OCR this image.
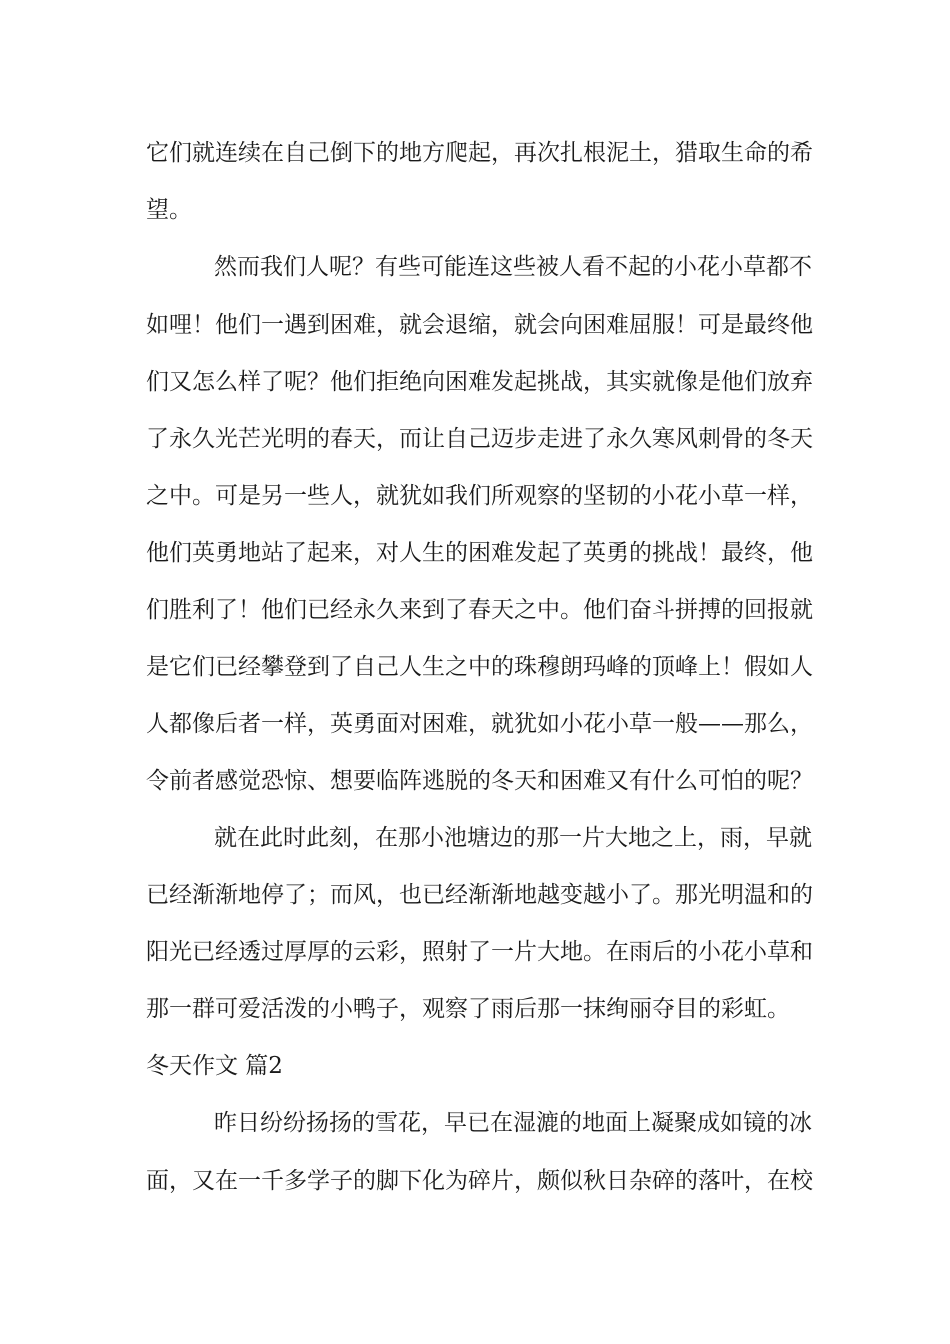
它们就连续在自己倒下的地方爬起，再次扎根泥土，猎取生命的希
望。
然而我们人呢？有些可能连这些被人看不起的小花小草都不
如哩！他们一遇到困难，就会退缩，就会向困难屈服！可是最终他
们又怎么样了呢？他们拒绝向困难发起挑战，其实就像是他们放弃
了永久光芒光明的春天，而让自己迈步走进了永久寒风刺骨的冬天
之中。可是另一些人，就犹如我们所观察的坚韧的小花小草一样，
他们英勇地站了起来，对人生的困难发起了英勇的挑战！最终，他
们胜利了！他们已经永久来到了春天之中。他们奋斗拼搏的回报就
是它们已经攀登到了自己人生之中的珠穆朗玛峰的顶峰上！假如人
人都像后者一样，英勇面对困难，就犹如小花小草一般——那么，
令前者感觉恐惊、想要临阵逃脱的冬天和困难又有什么可怕的呢？
就在此时此刻，在那小池塘边的那一片大地之上，雨，早就
已经渐渐地停了；而风，也已经渐渐地越变越小了。那光明温和的
阳光已经透过厚厚的云彩，照射了一片大地。在雨后的小花小草和
那一群可爱活泼的小鸭子，观察了雨后那一抹绚丽夺目的彩虹。
冬天作文 篇2
昨日纷纷扬扬的雪花，早已在湿漉的地面上凝聚成如镜的冰
面，又在一千多学子的脚下化为碎片，颇似秋日杂碎的落叶，在校
